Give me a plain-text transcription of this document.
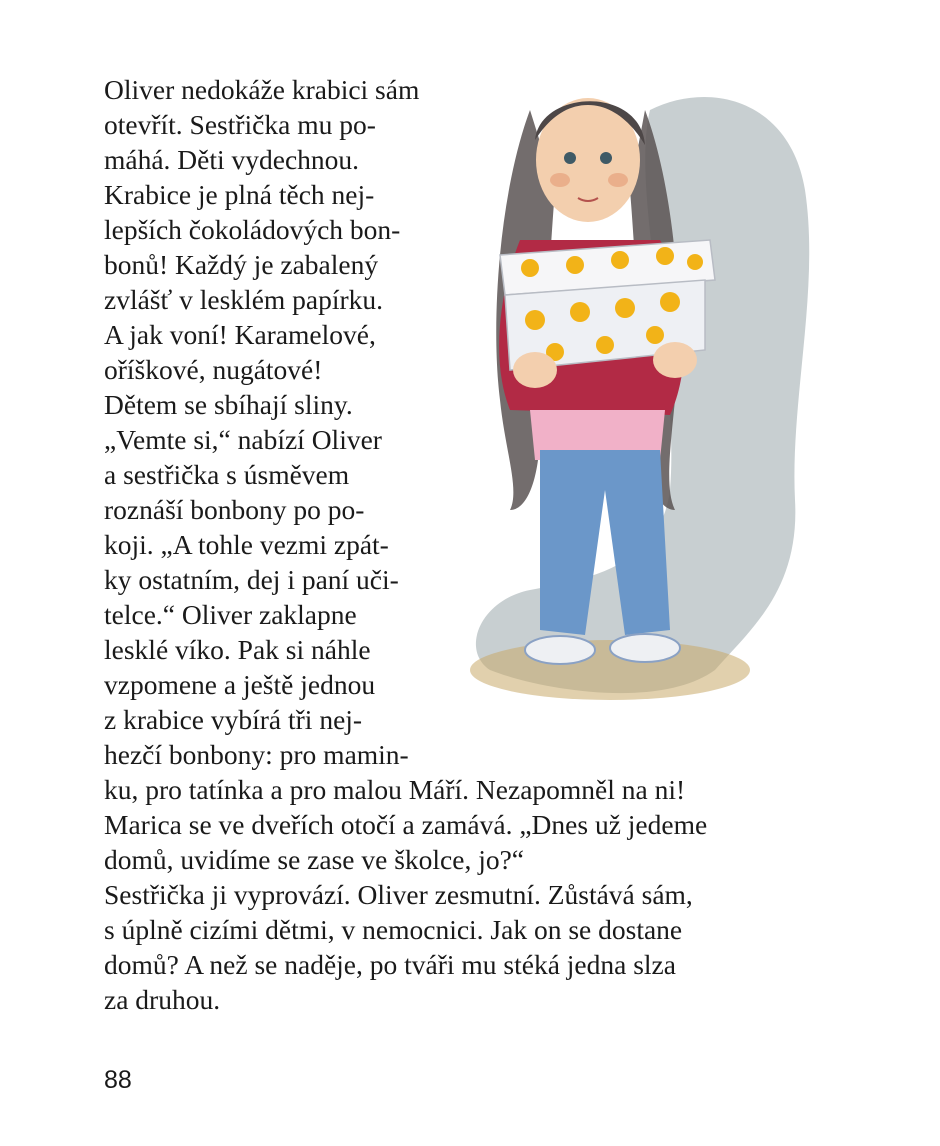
Oliver nedokáže krabici sám
otevřít. Sestřička mu po-
máhá. Děti vydechnou.
Krabice je plná těch nej-
lepších čokoládových bon-
bonů! Každý je zabalený
zvlášť v lesklém papírku.
A jak voní! Karamelové,
oříškové, nugátové!
Dětem se sbíhají sliny.
„Vemte si,“ nabízí Oliver
a sestřička s úsměvem
roznáší bonbony po po-
koji. „A tohle vezmi zpát-
ky ostatním, dej i paní uči-
telce.“ Oliver zaklapne
lesklé víko. Pak si náhle
vzpomene a ještě jednou
z krabice vybírá tři nej-
hezčí bonbony: pro mamin-
ku, pro tatínka a pro malou Máří. Nezapomněl na ni!
Marica se ve dveřích otočí a zamává. „Dnes už jedeme
domů, uvidíme se zase ve školce, jo?“
Sestřička ji vyprovází. Oliver zesmutní. Zůstává sám,
s úplně cizími dětmi, v nemocnici. Jak on se dostane
domů? A než se naděje, po tváři mu stéká jedna slza
za druhou.
88
